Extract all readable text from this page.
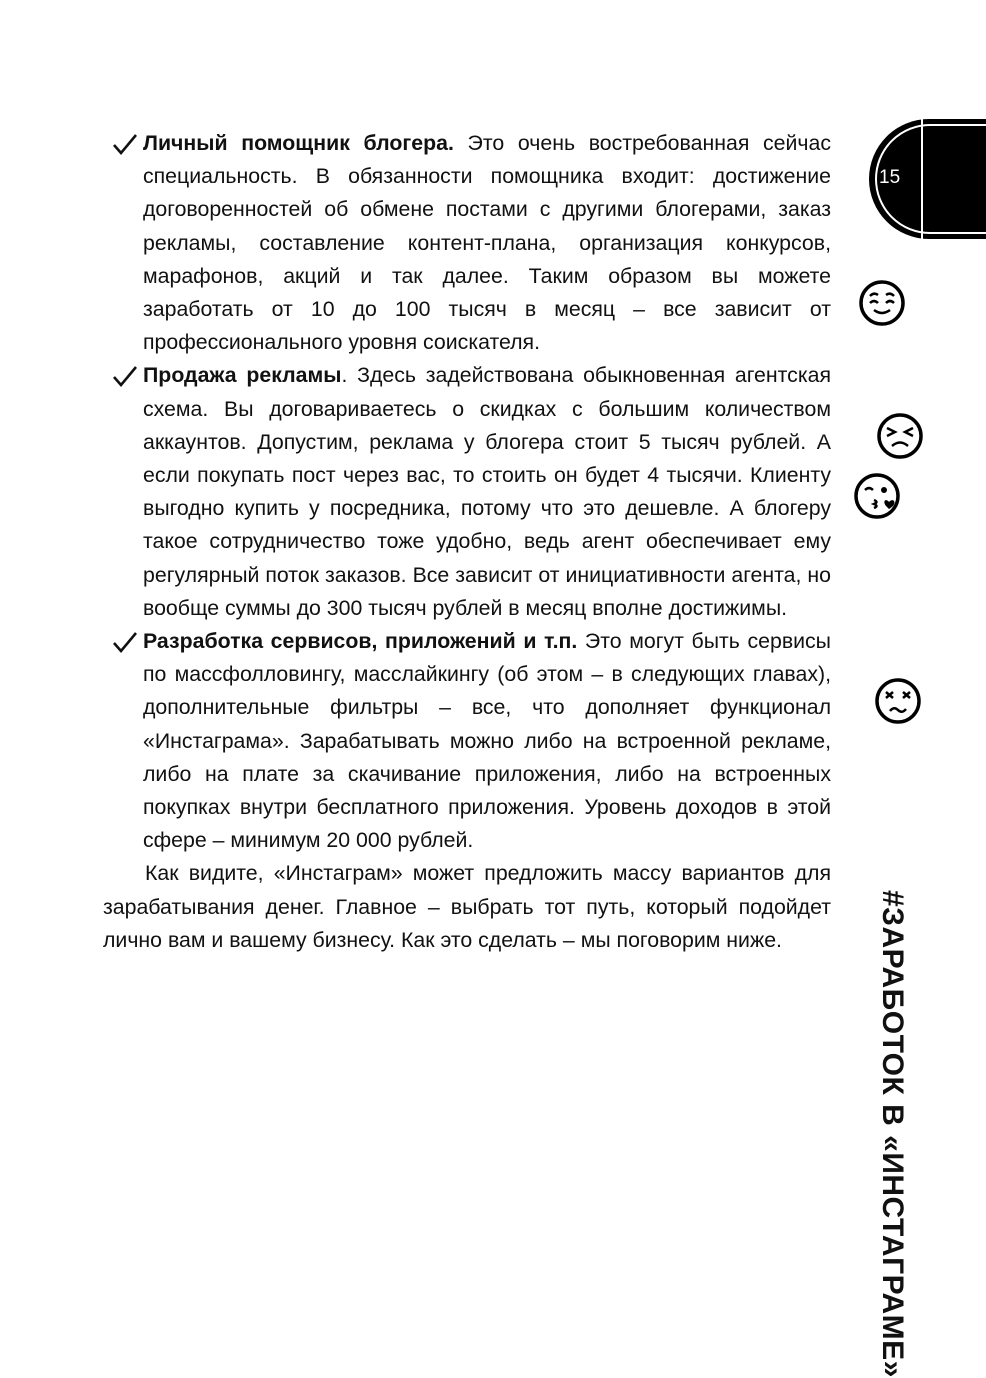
15
#ЗАРАБОТОК В «ИНСТАГРАМЕ»

Личный помощник блогера. Это очень востребованная сейчас специальность. В обязанности помощника входит: достижение договоренностей об обмене постами с другими блогерами, заказ рекламы, составление контент-плана, организация конкурсов, марафонов, акций и так далее. Таким образом вы можете заработать от 10 до 100 тысяч в месяц – все зависит от профессионального уровня соискателя.

Продажа рекламы. Здесь задействована обыкновенная агентская схема. Вы договариваетесь о скидках с большим количеством аккаунтов. Допустим, реклама у блогера стоит 5 тысяч рублей. А если покупать пост через вас, то стоить он будет 4 тысячи. Клиенту выгодно купить у посредника, потому что это дешевле. А блогеру такое сотрудничество тоже удобно, ведь агент обеспечивает ему регулярный поток заказов. Все зависит от инициативности агента, но вообще суммы до 300 тысяч рублей в месяц вполне достижимы.

Разработка сервисов, приложений и т.п. Это могут быть сервисы по массфолловингу, масслайкингу (об этом – в следующих главах), дополнительные фильтры – все, что дополняет функционал «Инстаграма». Зарабатывать можно либо на встроенной рекламе, либо на плате за скачивание приложения, либо на встроенных покупках внутри бесплатного приложения. Уровень доходов в этой сфере – минимум 20 000 рублей.

Как видите, «Инстаграм» может предложить массу вариантов для зарабатывания денег. Главное – выбрать тот путь, который подойдет лично вам и вашему бизнесу. Как это сделать – мы поговорим ниже.
